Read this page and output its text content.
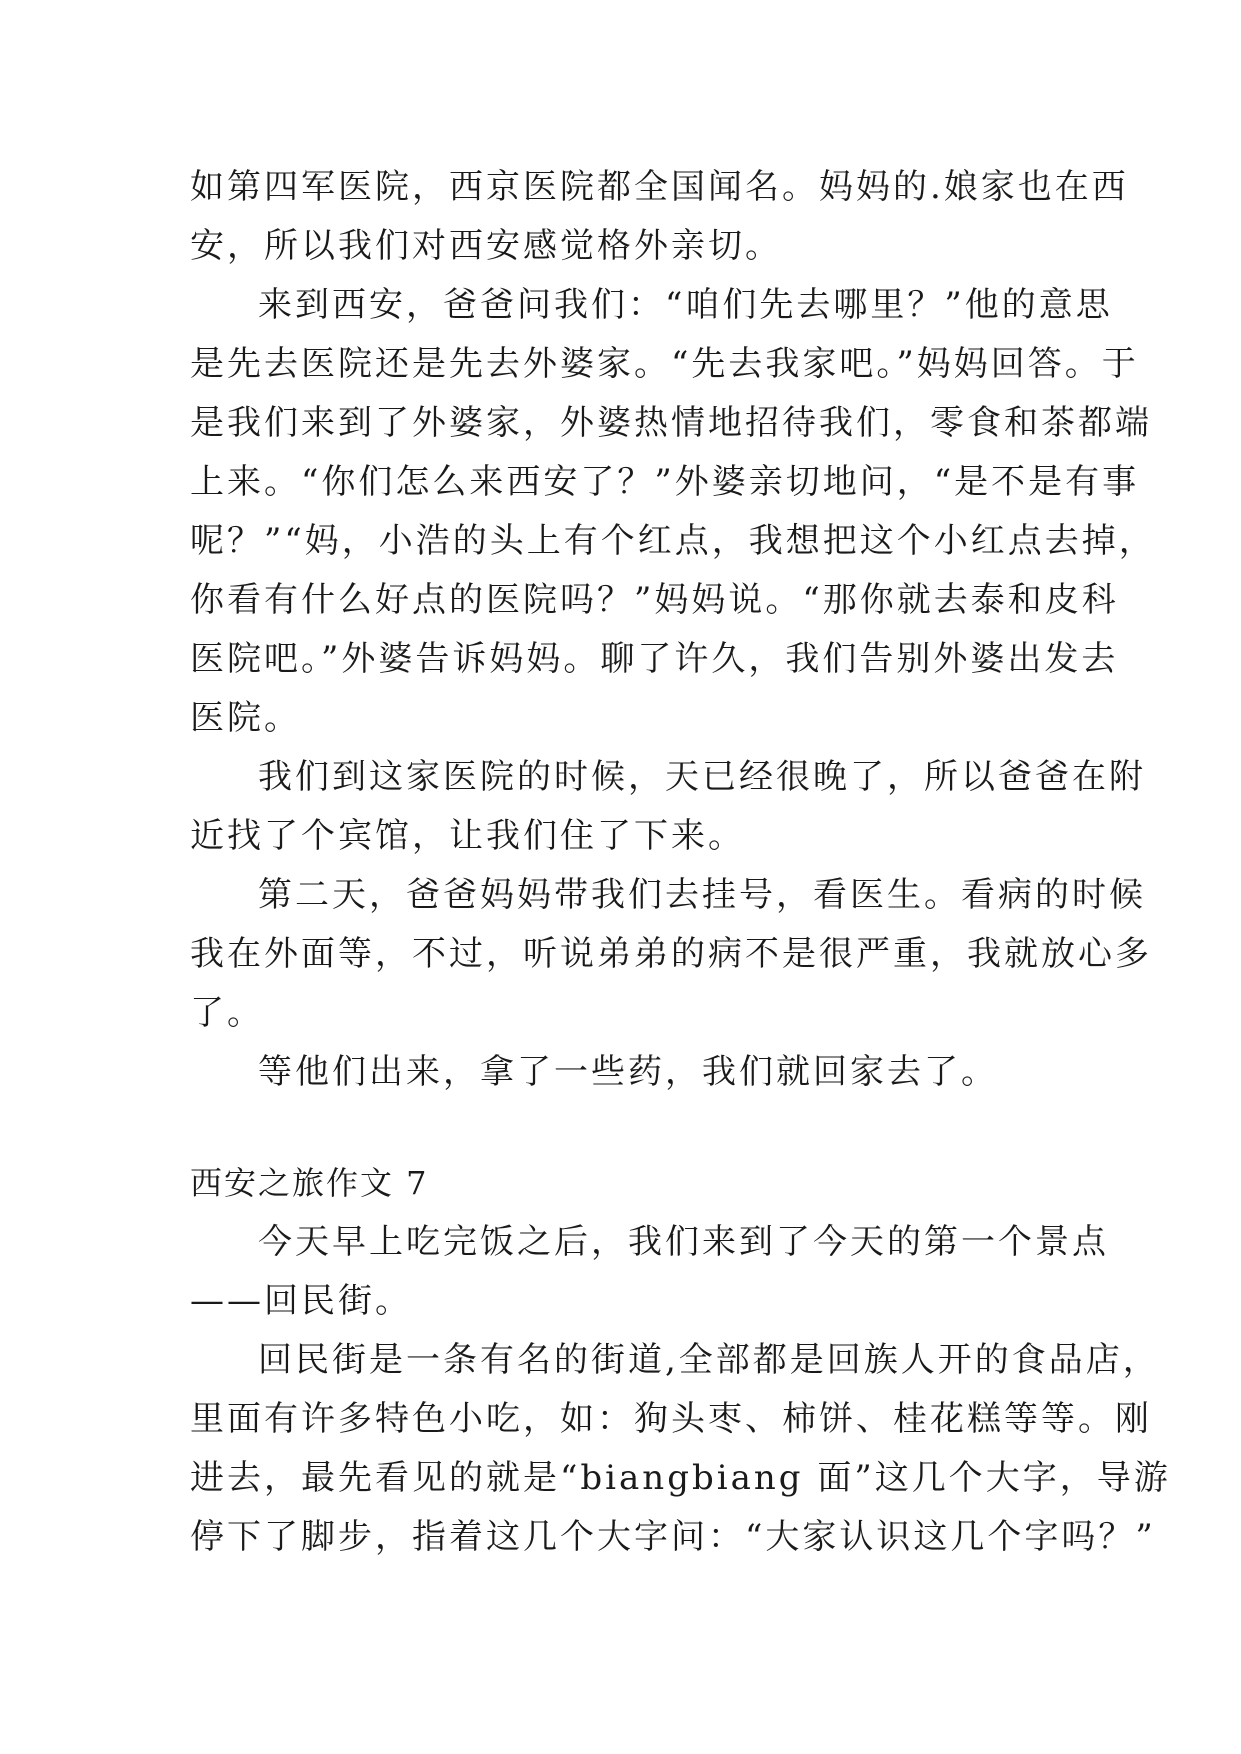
如第四军医院，西京医院都全国闻名。妈妈的.娘家也在西
安，所以我们对西安感觉格外亲切。
来到西安，爸爸问我们：“咱们先去哪里？”他的意思
是先去医院还是先去外婆家。“先去我家吧。”妈妈回答。于
是我们来到了外婆家，外婆热情地招待我们，零食和茶都端
上来。“你们怎么来西安了？”外婆亲切地问，“是不是有事
呢？”“妈，小浩的头上有个红点，我想把这个小红点去掉，
你看有什么好点的医院吗？”妈妈说。“那你就去泰和皮科
医院吧。”外婆告诉妈妈。聊了许久，我们告别外婆出发去
医院。
我们到这家医院的时候，天已经很晚了，所以爸爸在附
近找了个宾馆，让我们住了下来。
第二天，爸爸妈妈带我们去挂号，看医生。看病的时候
我在外面等，不过，听说弟弟的病不是很严重，我就放心多
了。
等他们出来，拿了一些药，我们就回家去了。
西安之旅作文 7
今天早上吃完饭之后，我们来到了今天的第一个景点
——回民街。
回民街是一条有名的街道,全部都是回族人开的食品店，
里面有许多特色小吃，如：狗头枣、柿饼、桂花糕等等。刚
进去，最先看见的就是“biangbiang 面”这几个大字，导游
停下了脚步，指着这几个大字问：“大家认识这几个字吗？”
